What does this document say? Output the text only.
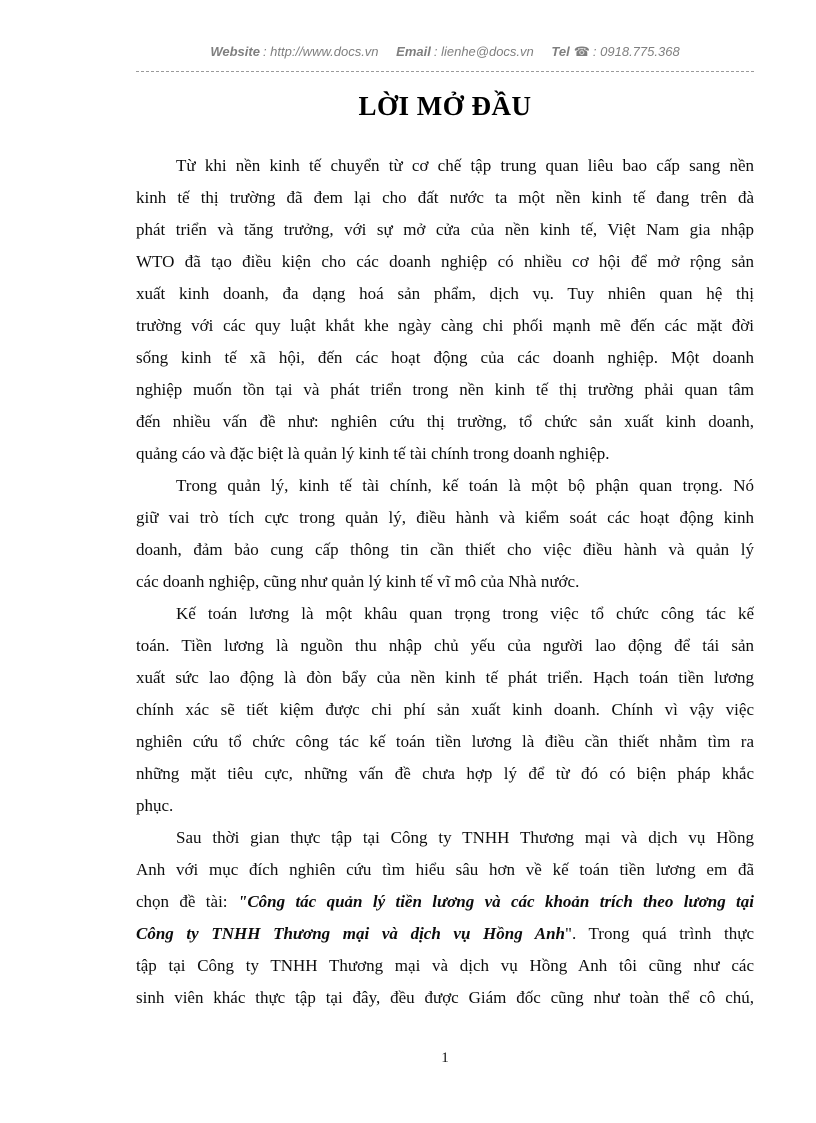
Website : http://www.docs.vn Email : lienhe@docs.vn Tel ☎ : 0918.775.368
LỜI MỞ ĐẦU
Từ khi nền kinh tế chuyển từ cơ chế tập trung quan liêu bao cấp sang nền
kinh tế thị trường đã đem lại cho đất nước ta một nền kinh tế đang trên đà
phát triển và tăng trưởng, với sự mở cửa của nền kinh tế, Việt Nam gia nhập
WTO đã tạo điều kiện cho các doanh nghiệp có nhiều cơ hội để mở rộng sản
xuất kinh doanh, đa dạng hoá sản phẩm, dịch vụ. Tuy nhiên quan hệ thị
trường với các quy luật khắt khe ngày càng chi phối mạnh mẽ đến các mặt đời
sống kinh tế xã hội, đến các hoạt động của các doanh nghiệp. Một doanh
nghiệp muốn tồn tại và phát triển trong nền kinh tế thị trường phải quan tâm
đến nhiều vấn đề như: nghiên cứu thị trường, tổ chức sản xuất kinh doanh,
quảng cáo và đặc biệt là quản lý kinh tế tài chính trong doanh nghiệp.
Trong quản lý, kinh tế tài chính, kế toán là một bộ phận quan trọng. Nó
giữ vai trò tích cực trong quản lý, điều hành và kiểm soát các hoạt động kinh
doanh, đảm bảo cung cấp thông tin cần thiết cho việc điều hành và quản lý
các doanh nghiệp, cũng như quản lý kinh tế vĩ mô của Nhà nước.
Kế toán lương là một khâu quan trọng trong việc tổ chức công tác kế
toán. Tiền lương là nguồn thu nhập chủ yếu của người lao động để tái sản
xuất sức lao động là đòn bẩy của nền kinh tế phát triển. Hạch toán tiền lương
chính xác sẽ tiết kiệm được chi phí sản xuất kinh doanh. Chính vì vậy việc
nghiên cứu tổ chức công tác kế toán tiền lương là điều cần thiết nhằm tìm ra
những mặt tiêu cực, những vấn đề chưa hợp lý để từ đó có biện pháp khắc
phục.
Sau thời gian thực tập tại Công ty TNHH Thương mại và dịch vụ Hồng
Anh với mục đích nghiên cứu tìm hiểu sâu hơn về kế toán tiền lương em đã
chọn đề tài: "Công tác quản lý tiền lương và các khoản trích theo lương tại
Công ty TNHH Thương mại và dịch vụ Hồng Anh". Trong quá trình thực
tập tại Công ty TNHH Thương mại và dịch vụ Hồng Anh tôi cũng như các
sinh viên khác thực tập tại đây, đều được Giám đốc cũng như toàn thể cô chú,
1
